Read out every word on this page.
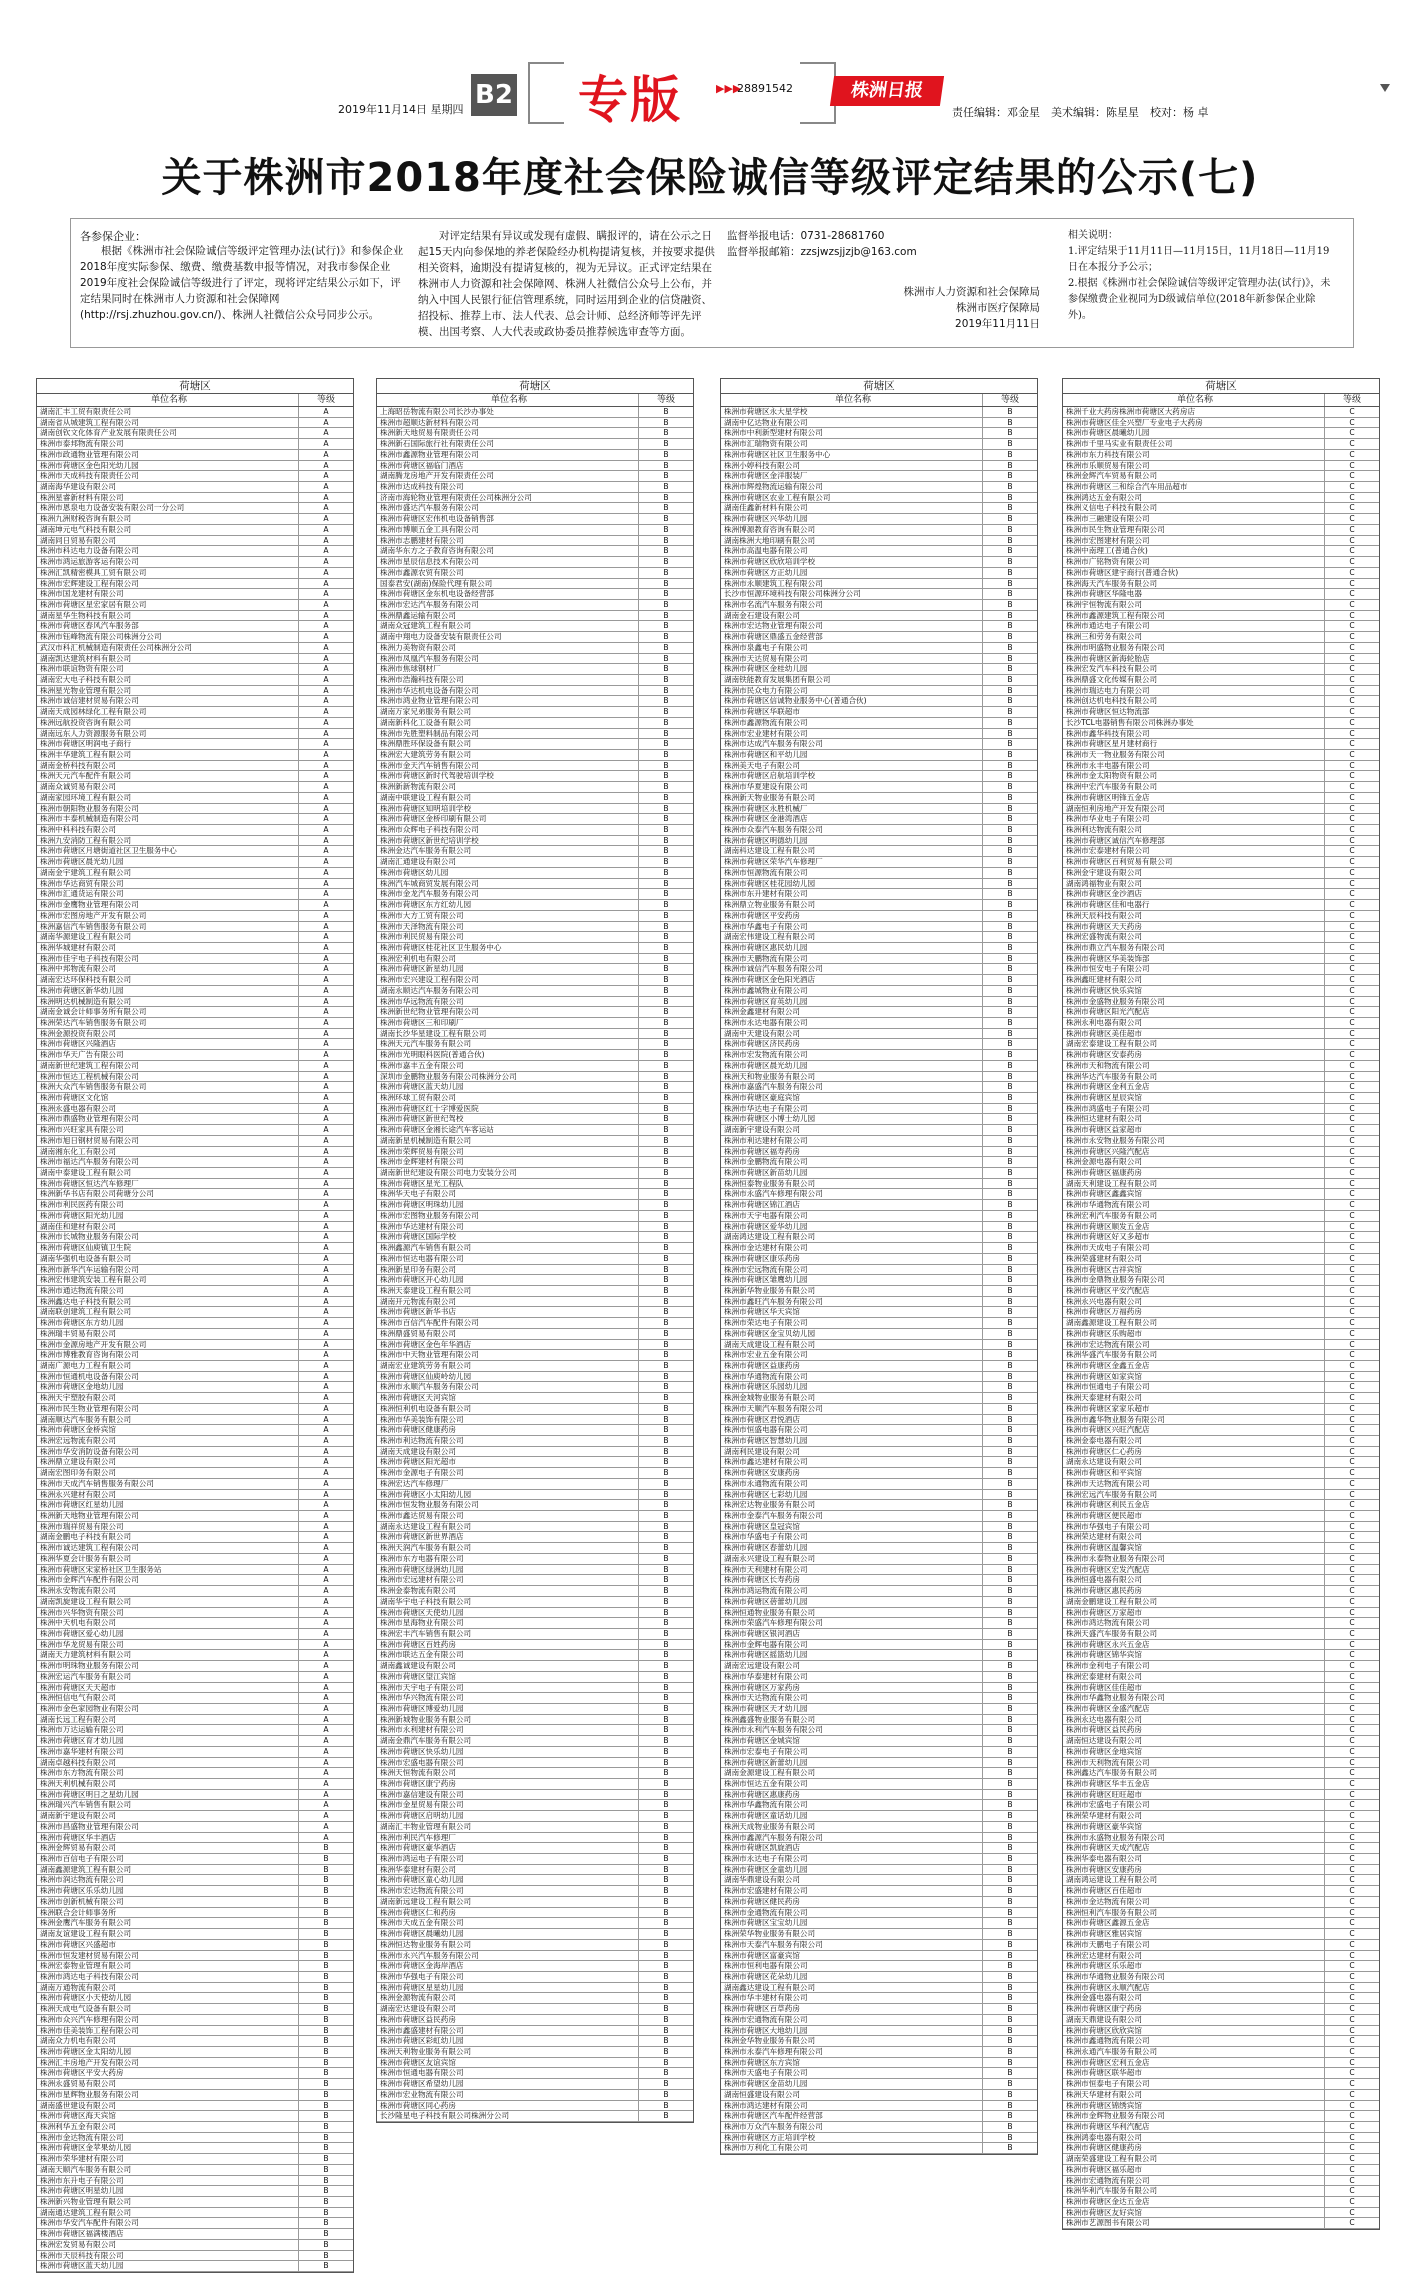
2019年11月14日 星期四 B2 专版	▶▶▶
28891542	株洲日报
责任编辑：邓金星　美术编辑：陈星星　校对：杨 卓
关于株洲市2018年度社会保险诚信等级评定结果的公示(七)
各参保企业：
根据《株洲市社会保险诚信等级评定管理办法(试行)》和参保企业2018年度实际参保、缴费、缴费基数申报等情况，对我市参保企业2019年度社会保险诚信等级进行了评定，现将评定结果公示如下，评定结果同时在株洲市人力资源和社会保障网(http://rsj.zhuzhou.gov.cn/)、株洲人社微信公众号同步公示。
对评定结果有异议或发现有虚假、瞒报评的，请在公示之日起15天内向参保地的养老保险经办机构提请复核，并按要求提供相关资料，逾期没有提请复核的，视为无异议。正式评定结果在株洲市人力资源和社会保障网、株洲人社微信公众号上公布，并纳入中国人民银行征信管理系统，同时运用到企业的信贷融资、招投标、推荐上市、法人代表、总会计师、总经济师等评先评模、出国考察、人大代表或政协委员推荐候选审查等方面。
监督举报电话：0731-28681760
监督举报邮箱：zzsjwzsjjzjb@163.com
株洲市人力资源和社会保障局
株洲市医疗保障局
2019年11月11日
相关说明：
1.评定结果于11月11日—11月15日，11月18日—11月19日在本报分予公示；
2.根据《株洲市社会保险诚信等级评定管理办法(试行)》，未参保缴费企业视同为D级诚信单位(2018年新参保企业除外)。
荷塘区
单位名称	等级
湖南汇丰工贸有限责任公司	A
湖南省从城建筑工程有限公司	A
湖南创钦文化体育产业发展有限责任公司	A
株洲市泰邦物流有限公司	A
株洲市政通物业管理有限公司	A
株洲市荷塘区金色阳光幼儿园	A
株洲市天成科技有限责任公司	A
湖南海华建设有限公司	A
株洲星睿新材料有限公司	A
株洲市恩泉电力设备安装有限公司一分公司	A
株洲九洲财税咨询有限公司	A
湖南坤元电气科技有限公司	A
湖南同日贸易有限公司	A
株洲市科达电力设备有限公司	A
株洲市鸿运旅游客运有限公司	A
株洲汇凯精密模具工贸有限公司	A
株洲市宏辉建设工程有限公司	A
株洲市国龙建材有限公司	A
株洲市荷塘区星宏家居有限公司	A
湖南星华生物科技有限公司	A
株洲市荷塘区春风汽车服务部	A
株洲市钰峰物流有限公司株洲分公司	A
武汉市科汇机械制造有限责任公司株洲分公司	A
湖南凯达建筑材料有限公司	A
株洲市联谊物资有限公司	A
湖南宏大电子科技有限公司	A
株洲星光物业管理有限公司	A
株洲市诚信建材贸易有限公司	A
湖南天成园林绿化工程有限公司	A
株洲远航投资咨询有限公司	A
湖南远东人力资源服务有限公司	A
株洲市荷塘区明润电子商行	A
株洲丰华建筑工程有限公司	A
湖南金桥科技有限公司	A
株洲天元汽车配件有限公司	A
湖南众诚贸易有限公司	A
湖南家园环境工程有限公司	A
株洲市朝阳物业服务有限公司	A
株洲市丰泰机械制造有限公司	A
株洲中科科技有限公司	A
株洲九安消防工程有限公司	A
株洲市荷塘区月塘街道社区卫生服务中心	A
株洲市荷塘区晨光幼儿园	A
湖南金宇建筑工程有限公司	A
株洲市华达商贸有限公司	A
株洲市汇通货运有限公司	A
株洲市金鹰物业管理有限公司	A
株洲市宏图房地产开发有限公司	A
株洲嘉信汽车销售服务有限公司	A
湖南华源建设工程有限公司	A
株洲华城建材有限公司	A
株洲市佳宇电子科技有限公司	A
株洲中邦物流有限公司	A
湖南宏达环保科技有限公司	A
株洲市荷塘区新华幼儿园	A
株洲明达机械制造有限公司	A
湖南金诚会计师事务所有限公司	A
株洲荣达汽车销售服务有限公司	A
株洲金源投资有限公司	A
株洲市荷塘区兴隆酒店	A
株洲市华天广告有限公司	A
湖南新世纪建筑工程有限公司	A
株洲市恒达工程机械有限公司	A
株洲大众汽车销售服务有限公司	A
株洲市荷塘区文化馆	A
株洲永盛电器有限公司	A
株洲市鼎盛物业管理有限公司	A
株洲市兴旺家具有限公司	A
株洲市旭日钢材贸易有限公司	A
湖南湘东化工有限公司	A
株洲市福达汽车服务有限公司	A
湖南中泰建设工程有限公司	A
株洲市荷塘区恒达汽车修理厂	A
株洲新华书店有限公司荷塘分公司	A
株洲市利民医药有限公司	A
株洲市荷塘区阳光幼儿园	A
湖南佳和建材有限公司	A
株洲市长城物业服务有限公司	A
株洲市荷塘区仙庾镇卫生院	A
湖南华强机电设备有限公司	A
株洲市新华汽车运输有限公司	A
株洲宏伟建筑安装工程有限公司	A
株洲市通达物流有限公司	A
株洲鑫达电子科技有限公司	A
湖南联创建筑工程有限公司	A
株洲市荷塘区东方幼儿园	A
株洲瑞丰贸易有限公司	A
株洲市金源房地产开发有限公司	A
株洲市博雅教育咨询有限公司	A
湖南广源电力工程有限公司	A
株洲市恒通机电设备有限公司	A
株洲市荷塘区金地幼儿园	A
株洲天宇塑胶有限公司	A
株洲市民生物业管理有限公司	A
湖南顺达汽车服务有限公司	A
株洲市荷塘区金桥宾馆	A
株洲宏远物流有限公司	A
株洲市华安消防设备有限公司	A
株洲鼎立建设有限公司	A
湖南宏图印务有限公司	A
株洲市天成汽车销售服务有限公司	A
株洲永兴建材有限公司	A
株洲市荷塘区红星幼儿园	A
株洲新天地物业管理有限公司	A
株洲市瑞祥贸易有限公司	A
湖南金鹏电子科技有限公司	A
株洲市诚达建筑工程有限公司	A
株洲华夏会计服务有限公司	A
株洲市荷塘区宋家桥社区卫生服务站	A
株洲市金辉汽车配件有限公司	A
株洲永安物流有限公司	A
湖南凯旋建设工程有限公司	A
株洲市兴华物资有限公司	A
株洲中天机电有限公司	A
株洲市荷塘区爱心幼儿园	A
株洲市华龙贸易有限公司	A
湖南天力建筑材料有限公司	A
株洲市明珠物业服务有限公司	A
株洲宏运汽车服务有限公司	A
株洲市荷塘区天天超市	A
株洲恒信电气有限公司	A
株洲市金色家园物业有限公司	A
湖南长远工程有限公司	A
株洲市万达运输有限公司	A
株洲市荷塘区育才幼儿园	A
株洲市嘉华建材有限公司	A
湖南卓越科技有限公司	A
株洲市东方物流有限公司	A
株洲天利机械有限公司	A
株洲市荷塘区明日之星幼儿园	A
株洲瑞兴汽车销售有限公司	A
湖南新宇建设有限公司	A
株洲市昌盛物业管理有限公司	A
株洲市荷塘区华丰酒店	A
株洲金辉贸易有限公司	B
株洲市百信电子有限公司	B
湖南鑫源建筑工程有限公司	B
株洲市润达物流有限公司	B
株洲市荷塘区乐乐幼儿园	B
株洲市创新机械有限公司	B
株洲联合会计师事务所	B
株洲金鹰汽车服务有限公司	B
湖南友谊建设工程有限公司	B
株洲市荷塘区兴盛超市	B
株洲市恒发建材贸易有限公司	B
株洲宏泰物业管理有限公司	B
株洲市鸿达电子科技有限公司	B
湖南万通物流有限公司	B
株洲市荷塘区小天使幼儿园	B
株洲天成电气设备有限公司	B
株洲市众兴汽车修理有限公司	B
株洲市佳美装饰工程有限公司	B
湖南众力机电有限公司	B
株洲市荷塘区金太阳幼儿园	B
株洲汇丰房地产开发有限公司	B
株洲市荷塘区平安大药房	B
株洲永盛贸易有限公司	B
株洲市星辉物业服务有限公司	B
湖南盛世建设有限公司	B
株洲市荷塘区海天宾馆	B
株洲利华五金有限公司	B
株洲市金达物流有限公司	B
株洲市荷塘区金苹果幼儿园	B
株洲市荣华建材有限公司	B
湖南天顺汽车服务有限公司	B
株洲市东升电子有限公司	B
株洲市荷塘区明星幼儿园	B
株洲新兴物业管理有限公司	B
湖南通达建筑工程有限公司	B
株洲市华安汽车配件有限公司	B
株洲市荷塘区福满楼酒店	B
株洲宏发贸易有限公司	B
株洲市天辰科技有限公司	B
株洲市荷塘区蓝天幼儿园	B
荷塘区
单位名称	等级
上海昭岳物流有限公司长沙办事处	B
株洲市超顺达新材料有限公司	B
株洲新天地贸易有限责任公司	B
株洲新石国际旅行社有限责任公司	B
株洲市鑫源物业管理有限公司	B
株洲市荷塘区福临门酒店	B
湖南腾龙房地产开发有限责任公司	B
株洲市达成科技有限公司	B
济南市海轮物业管理有限责任公司株洲分公司	B
株洲市盛达汽车服务有限公司	B
株洲市荷塘区宏伟机电设备销售部	B
株洲市博顺五金工具有限公司	B
株洲市志鹏建材有限公司	B
湖南华东方之子教育咨询有限公司	B
株洲市星辰信息技术有限公司	B
株洲市鑫源农贸有限公司	B
国泰君安(湖南)保险代理有限公司	B
株洲市荷塘区金东机电设备经营部	B
株洲市宏达汽车服务有限公司	B
株洲鼎鑫运输有限公司	B
湖南众冠建筑工程有限公司	B
湖南中翔电力设备安装有限责任公司	B
株洲力美物资有限公司	B
株洲市凤凰汽车服务有限公司	B
株洲市焦球钢材厂	B
株洲市浩瀚科技有限公司	B
株洲市华达机电设备有限公司	B
株洲市鸿业物业管理有限公司	B
湖南万家兄弟服务有限公司	B
湖南新科化工设备有限公司	B
株洲市先胜塑料制品有限公司	B
株洲鼎胜环保设备有限公司	B
株洲宏大建筑劳务有限公司	B
株洲市金天汽车销售有限公司	B
株洲市荷塘区新时代驾驶培训学校	B
株洲新新物流有限公司	B
湖南中联建设工程有限公司	B
株洲市荷塘区知明培训学校	B
株洲市荷塘区金桥印刷有限公司	B
株洲市众辉电子科技有限公司	B
株洲市荷塘区新世纪培训学校	B
株洲金达汽车服务有限公司	B
湖南汇通建设有限公司	B
株洲市荷塘区幼儿园	B
株洲汽车城商贸发展有限公司	B
株洲市金龙汽车服务有限公司	B
株洲市荷塘区东方红幼儿园	B
株洲市大方工贸有限公司	B
株洲市天泽物流有限公司	B
株洲市利民贸易有限公司	B
株洲市荷塘区桂花社区卫生服务中心	B
株洲宏利机电有限公司	B
株洲市荷塘区新星幼儿园	B
株洲市宏兴建设工程有限公司	B
湖南永顺达汽车服务有限公司	B
株洲市华远物流有限公司	B
株洲新世纪物业管理有限公司	B
株洲市荷塘区三和印刷厂	B
湖南长沙华星建设工程有限公司	B
株洲天元汽车服务有限公司	B
株洲市光明眼科医院(普通合伙)	B
株洲市嘉丰五金有限公司	B
深圳市金鹏物业服务有限公司株洲分公司	B
株洲市荷塘区蓝天幼儿园	B
株洲环球工贸有限公司	B
株洲市荷塘区红十字博爱医院	B
株洲市荷塘区新世纪驾校	B
株洲市荷塘区金湘长途汽车客运站	B
湖南新星机械制造有限公司	B
株洲市荣辉贸易有限公司	B
株洲市金辉建材有限公司	B
湖南新世纪建设有限公司电力安装分公司	B
株洲市荷塘区星光工程队	B
株洲华天电子有限公司	B
株洲市荷塘区明珠幼儿园	B
株洲市宏图物业服务有限公司	B
株洲市华达建材有限公司	B
株洲市荷塘区国际学校	B
株洲鑫源汽车销售有限公司	B
株洲市恒达电器有限公司	B
株洲新星印务有限公司	B
株洲市荷塘区开心幼儿园	B
株洲天泰建设工程有限公司	B
湖南开元物流有限公司	B
株洲市荷塘区新华书店	B
株洲市百信汽车配件有限公司	B
株洲鼎盛贸易有限公司	B
株洲市荷塘区金色年华酒店	B
株洲市中天物业管理有限公司	B
湖南宏业建筑劳务有限公司	B
株洲市荷塘区仙庾岭幼儿园	B
株洲市永顺汽车服务有限公司	B
株洲市荷塘区天河宾馆	B
株洲恒利机电设备有限公司	B
株洲市华美装饰有限公司	B
株洲市荷塘区健康药房	B
株洲市利达物流有限公司	B
湖南天成建设有限公司	B
株洲市荷塘区阳光超市	B
株洲市金源电子有限公司	B
株洲宏达汽车修理厂	B
株洲市荷塘区小太阳幼儿园	B
株洲市恒发物业服务有限公司	B
株洲市鑫达贸易有限公司	B
湖南永达建设工程有限公司	B
株洲市荷塘区新世界酒店	B
株洲天润汽车服务有限公司	B
株洲市东方电器有限公司	B
株洲市荷塘区绿洲幼儿园	B
株洲市宏远建材有限公司	B
株洲金泰物流有限公司	B
湖南华宇电子科技有限公司	B
株洲市荷塘区天使幼儿园	B
株洲市星海物业有限公司	B
株洲宏丰汽车销售有限公司	B
株洲市荷塘区百姓药房	B
株洲市联达五金有限公司	B
湖南鑫诚建设有限公司	B
株洲市荷塘区望江宾馆	B
株洲市天宇电子有限公司	B
株洲市华兴物流有限公司	B
株洲市荷塘区博爱幼儿园	B
株洲新城物业服务有限公司	B
株洲市永利建材有限公司	B
湖南金鼎汽车服务有限公司	B
株洲市荷塘区快乐幼儿园	B
株洲市宏盛电器有限公司	B
株洲天恒物流有限公司	B
株洲市荷塘区康宁药房	B
株洲市嘉信建设有限公司	B
株洲市金星贸易有限公司	B
株洲市荷塘区启明幼儿园	B
湖南汇丰物业管理有限公司	B
株洲市利民汽车修理厂	B
株洲市荷塘区豪华酒店	B
株洲市鸿运电子有限公司	B
株洲华泰建材有限公司	B
株洲市荷塘区童心幼儿园	B
株洲市宏达物流有限公司	B
湖南新远建设工程有限公司	B
株洲市荷塘区仁和药房	B
株洲市天成五金有限公司	B
株洲市荷塘区晨曦幼儿园	B
株洲恒达物业服务有限公司	B
株洲市永兴汽车服务有限公司	B
株洲市荷塘区金海岸酒店	B
株洲市华强电子有限公司	B
株洲市荷塘区星星幼儿园	B
株洲金源物流有限公司	B
湖南宏达建设有限公司	B
株洲市荷塘区益民药房	B
株洲市鑫盛建材有限公司	B
株洲市荷塘区彩虹幼儿园	B
株洲天利物业服务有限公司	B
株洲市荷塘区友谊宾馆	B
株洲市恒通电器有限公司	B
株洲市荷塘区希望幼儿园	B
株洲市宏业物流有限公司	B
株洲市荷塘区同心药房	B
长沙隆星电子科技有限公司株洲分公司	B
荷塘区
单位名称	等级
株洲市荷塘区永大星学校	B
湖南中亿达物业有限公司	B
株洲市中利新型建材有限公司	B
株洲市汇瑞物资有限公司	B
株洲市荷塘区社区卫生服务中心	B
株洲小婷科技有限公司	B
株洲市荷塘区金洋服装厂	B
株洲市辉煌物流运输有限公司	B
株洲市荷塘区农业工程有限公司	B
湖南佳鑫新材料有限公司	B
株洲市荷塘区兴华幼儿园	B
株洲博源教育咨询有限公司	B
湖南株洲大地印刷有限公司	B
株洲市高温电器有限公司	B
株洲市荷塘区欣欣培训学校	B
株洲市荷塘区方正幼儿园	B
株洲市永顺建筑工程有限公司	B
长沙市恒源环境科技有限公司株洲分公司	B
株洲市名流汽车服务有限公司	B
湖南金石建设有限公司	B
株洲市宏达物业管理有限公司	B
株洲市荷塘区鼎盛五金经营部	B
株洲市泉鑫电子有限公司	B
株洲市天达贸易有限公司	B
株洲市荷塘区金桂幼儿园	B
湖南铁能教育发展集团有限公司	B
株洲市民众电力有限公司	B
株洲市荷塘区信诚物业服务中心(普通合伙)	B
株洲市荷塘区华联超市	B
株洲市鑫源物流有限公司	B
株洲市宏业建材有限公司	B
株洲市达成汽车服务有限公司	B
株洲市荷塘区和平幼儿园	B
株洲美天电子有限公司	B
株洲市荷塘区启航培训学校	B
株洲市华夏建设有限公司	B
株洲新天物业服务有限公司	B
株洲市荷塘区永胜机械厂	B
株洲市荷塘区金港湾酒店	B
株洲市众泰汽车服务有限公司	B
株洲市荷塘区明德幼儿园	B
湖南科达建设工程有限公司	B
株洲市荷塘区荣华汽车修理厂	B
株洲市恒源物流有限公司	B
株洲市荷塘区桂花园幼儿园	B
株洲市东升建材有限公司	B
株洲鼎立物业服务有限公司	B
株洲市荷塘区平安药房	B
株洲市华鑫电子有限公司	B
湖南宏伟建设工程有限公司	B
株洲市荷塘区惠民幼儿园	B
株洲市天鹏物流有限公司	B
株洲市诚信汽车服务有限公司	B
株洲市荷塘区金色阳光酒店	B
株洲市鑫城物业有限公司	B
株洲市荷塘区育英幼儿园	B
株洲金鑫建材有限公司	B
株洲市永达电器有限公司	B
湖南中天建设有限公司	B
株洲市荷塘区济民药房	B
株洲市宏发物流有限公司	B
株洲市荷塘区晨光幼儿园	B
株洲天和物业服务有限公司	B
株洲市嘉盛汽车服务有限公司	B
株洲市荷塘区豪庭宾馆	B
株洲市华达电子有限公司	B
株洲市荷塘区小博士幼儿园	B
湖南新宇建设有限公司	B
株洲市利达建材有限公司	B
株洲市荷塘区福寿药房	B
株洲市金鹏物流有限公司	B
株洲市荷塘区新苗幼儿园	B
株洲恒泰物业服务有限公司	B
株洲市永盛汽车修理有限公司	B
株洲市荷塘区锦江酒店	B
株洲市天宇电器有限公司	B
株洲市荷塘区爱华幼儿园	B
湖南鸿达建设工程有限公司	B
株洲市金达建材有限公司	B
株洲市荷塘区康乐药房	B
株洲市宏远物流有限公司	B
株洲市荷塘区雏鹰幼儿园	B
株洲新华物业服务有限公司	B
株洲市鑫旺汽车服务有限公司	B
株洲市荷塘区华天宾馆	B
株洲市荣达电子有限公司	B
株洲市荷塘区金宝贝幼儿园	B
湖南天成建设工程有限公司	B
株洲市宏业五金有限公司	B
株洲市荷塘区益康药房	B
株洲市华通物流有限公司	B
株洲市荷塘区乐园幼儿园	B
株洲金城物业服务有限公司	B
株洲市天顺汽车服务有限公司	B
株洲市荷塘区君悦酒店	B
株洲市恒盛电器有限公司	B
株洲市荷塘区智慧幼儿园	B
湖南利民建设有限公司	B
株洲市鑫达建材有限公司	B
株洲市荷塘区安康药房	B
株洲市永通物流有限公司	B
株洲市荷塘区七彩幼儿园	B
株洲宏达物业服务有限公司	B
株洲市金泰汽车服务有限公司	B
株洲市荷塘区皇冠宾馆	B
株洲市华盛电子有限公司	B
株洲市荷塘区春蕾幼儿园	B
湖南永兴建设工程有限公司	B
株洲市天利建材有限公司	B
株洲市荷塘区长寿药房	B
株洲市鸿运物流有限公司	B
株洲市荷塘区蓓蕾幼儿园	B
株洲恒通物业服务有限公司	B
株洲市荣盛汽车修理有限公司	B
株洲市荷塘区银河酒店	B
株洲市金辉电器有限公司	B
株洲市荷塘区摇篮幼儿园	B
湖南宏远建设有限公司	B
株洲市华泰建材有限公司	B
株洲市荷塘区万家药房	B
株洲市天达物流有限公司	B
株洲市荷塘区天才幼儿园	B
株洲鑫盛物业服务有限公司	B
株洲市永利汽车服务有限公司	B
株洲市荷塘区金城宾馆	B
株洲市宏泰电子有限公司	B
株洲市荷塘区新蕾幼儿园	B
湖南金源建设工程有限公司	B
株洲市恒达五金有限公司	B
株洲市荷塘区惠康药房	B
株洲市华鑫物流有限公司	B
株洲市荷塘区童话幼儿园	B
株洲天成物业服务有限公司	B
株洲市鑫源汽车服务有限公司	B
株洲市荷塘区凯旋酒店	B
株洲市永达电子有限公司	B
株洲市荷塘区金童幼儿园	B
湖南华鼎建设有限公司	B
株洲市宏盛建材有限公司	B
株洲市荷塘区健民药房	B
株洲市金通物流有限公司	B
株洲市荷塘区宝宝幼儿园	B
株洲荣华物业服务有限公司	B
株洲市天泰汽车服务有限公司	B
株洲市荷塘区富豪宾馆	B
株洲市恒利电器有限公司	B
株洲市荷塘区花朵幼儿园	B
湖南鑫达建设工程有限公司	B
株洲市华丰建材有限公司	B
株洲市荷塘区百草药房	B
株洲市宏通物流有限公司	B
株洲市荷塘区大地幼儿园	B
株洲金华物业服务有限公司	B
株洲市永泰汽车修理有限公司	B
株洲市荷塘区东方宾馆	B
株洲市天盛电子有限公司	B
株洲市荷塘区金苗幼儿园	B
湖南恒盛建设有限公司	B
株洲市鸿达建材有限公司	B
株洲市荷塘区汽车配件经营部	B
株洲市万众汽车服务有限公司	B
株洲市荷塘区方正培训学校	B
株洲市万利化工有限公司	B
荷塘区
单位名称	等级
株洲千业大药房株洲市荷塘区大药房店	C
株洲市荷塘区佳全兴塑厂专业电子大药房	C
株洲市荷塘区晨曦幼儿园	C
株洲市千里马实业有限责任公司	C
株洲市东力科技有限公司	C
株洲市乐顺贸易有限公司	C
株洲金辉汽车贸易有限公司	C
株洲市荷塘区三和综合汽车用品超市	C
株洲鸿达五金有限公司	C
株洲义信电子科技有限公司	C
株洲市三融建设有限公司	C
株洲市民生物业管理有限公司	C
株洲市宏图建材有限公司	C
株洲中南理工(普通合伙)	C
株洲市广铭物资有限公司	C
株洲市荷塘区建宇商行(普通合伙)	C
株洲海天汽车服务有限公司	C
株洲市荷塘区华隆电器	C
株洲宇恒物流有限公司	C
株洲市鑫源建筑工程有限公司	C
株洲市通达电子有限公司	C
株洲三和劳务有限公司	C
株洲市明盛物业服务有限公司	C
株洲市荷塘区新海轮胎店	C
株洲宏发汽车科技有限公司	C
株洲鼎盛文化传媒有限公司	C
株洲市瑞达电力有限公司	C
株洲创达机电科技有限公司	C
株洲市荷塘区恒达物流部	C
长沙TCL电器销售有限公司株洲办事处	C
株洲市鑫华科技有限公司	C
株洲市荷塘区星月建材商行	C
株洲市天一物业服务有限公司	C
株洲市永丰电器有限公司	C
株洲市金太阳物资有限公司	C
株洲中宏汽车服务有限公司	C
株洲市荷塘区明锋五金店	C
湖南恒利房地产开发有限公司	C
株洲市华业电子有限公司	C
株洲利达物流有限公司	C
株洲市荷塘区诚信汽车修理部	C
株洲市宏泰建材有限公司	C
株洲市荷塘区百利贸易有限公司	C
株洲金宇建设有限公司	C
湖南鸿福物业有限公司	C
株洲市荷塘区金沙酒店	C
株洲市荷塘区佳和电器行	C
株洲天辰科技有限公司	C
株洲市荷塘区天天药房	C
株洲宏盛物流有限公司	C
株洲市鼎立汽车服务有限公司	C
株洲市荷塘区华美装饰部	C
株洲市恒安电子有限公司	C
株洲鑫旺建材有限公司	C
株洲市荷塘区快乐宾馆	C
株洲市金盛物业服务有限公司	C
株洲市荷塘区阳光汽配店	C
株洲永利电器有限公司	C
株洲市荷塘区美佳超市	C
湖南宏泰建设工程有限公司	C
株洲市荷塘区安泰药房	C
株洲市天和物流有限公司	C
株洲华达汽车服务有限公司	C
株洲市荷塘区金利五金店	C
株洲市荷塘区星辰宾馆	C
株洲市鸿盛电子有限公司	C
株洲恒达建材有限公司	C
株洲市荷塘区益家超市	C
株洲市永安物业服务有限公司	C
株洲市荷塘区兴隆汽配店	C
株洲金源电器有限公司	C
株洲市荷塘区福康药房	C
湖南天利建设工程有限公司	C
株洲市荷塘区鑫鑫宾馆	C
株洲市华通物流有限公司	C
株洲宏利汽车服务有限公司	C
株洲市荷塘区顺发五金店	C
株洲市荷塘区好又多超市	C
株洲市天成电子有限公司	C
株洲荣盛建材有限公司	C
株洲市荷塘区吉祥宾馆	C
株洲市金鼎物业服务有限公司	C
株洲市荷塘区平安汽配店	C
株洲永兴电器有限公司	C
株洲市荷塘区万福药房	C
湖南鑫源建设工程有限公司	C
株洲市荷塘区乐购超市	C
株洲市宏达物流有限公司	C
株洲华盛汽车服务有限公司	C
株洲市荷塘区金鑫五金店	C
株洲市荷塘区如家宾馆	C
株洲市恒通电子有限公司	C
株洲天泰建材有限公司	C
株洲市荷塘区家家乐超市	C
株洲市鑫华物业服务有限公司	C
株洲市荷塘区兴旺汽配店	C
株洲金泰电器有限公司	C
株洲市荷塘区仁心药房	C
湖南永达建设有限公司	C
株洲市荷塘区和平宾馆	C
株洲市天达物流有限公司	C
株洲宏远汽车服务有限公司	C
株洲市荷塘区利民五金店	C
株洲市荷塘区便民超市	C
株洲市华强电子有限公司	C
株洲荣达建材有限公司	C
株洲市荷塘区温馨宾馆	C
株洲市永泰物业服务有限公司	C
株洲市荷塘区宏发汽配店	C
株洲恒盛电器有限公司	C
株洲市荷塘区惠民药房	C
湖南金鹏建设工程有限公司	C
株洲市荷塘区万家超市	C
株洲市鸿达物流有限公司	C
株洲天盛汽车服务有限公司	C
株洲市荷塘区永兴五金店	C
株洲市荷塘区锦华宾馆	C
株洲市金利电子有限公司	C
株洲宏泰建材有限公司	C
株洲市荷塘区佳佳超市	C
株洲市华鑫物业服务有限公司	C
株洲市荷塘区金盛汽配店	C
株洲永达电器有限公司	C
株洲市荷塘区益民药房	C
湖南恒达建设有限公司	C
株洲市荷塘区金地宾馆	C
株洲市天利物流有限公司	C
株洲鑫达汽车服务有限公司	C
株洲市荷塘区华丰五金店	C
株洲市荷塘区旺旺超市	C
株洲市宏盛电子有限公司	C
株洲荣华建材有限公司	C
株洲市荷塘区豪华宾馆	C
株洲市永盛物业服务有限公司	C
株洲市荷塘区天成汽配店	C
株洲华泰电器有限公司	C
株洲市荷塘区安康药房	C
湖南鸿运建设工程有限公司	C
株洲市荷塘区百佳超市	C
株洲市金达物流有限公司	C
株洲恒利汽车服务有限公司	C
株洲市荷塘区鑫源五金店	C
株洲市荷塘区雅居宾馆	C
株洲市天鹏电子有限公司	C
株洲宏达建材有限公司	C
株洲市荷塘区乐乐超市	C
株洲市华通物业服务有限公司	C
株洲市荷塘区永顺汽配店	C
株洲金盛电器有限公司	C
株洲市荷塘区康宁药房	C
湖南天鼎建设有限公司	C
株洲市荷塘区欣欣宾馆	C
株洲市鑫通物流有限公司	C
株洲永通汽车服务有限公司	C
株洲市荷塘区宏利五金店	C
株洲市荷塘区联华超市	C
株洲市恒泰电子有限公司	C
株洲天华建材有限公司	C
株洲市荷塘区锦绣宾馆	C
株洲市金辉物业服务有限公司	C
株洲市荷塘区华利汽配店	C
株洲鸿泰电器有限公司	C
株洲市荷塘区健康药房	C
湖南荣盛建设工程有限公司	C
株洲市荷塘区福乐超市	C
株洲市宏通物流有限公司	C
株洲华利汽车服务有限公司	C
株洲市荷塘区金达五金店	C
株洲市荷塘区友好宾馆	C
株洲市艺源图书有限公司	C
